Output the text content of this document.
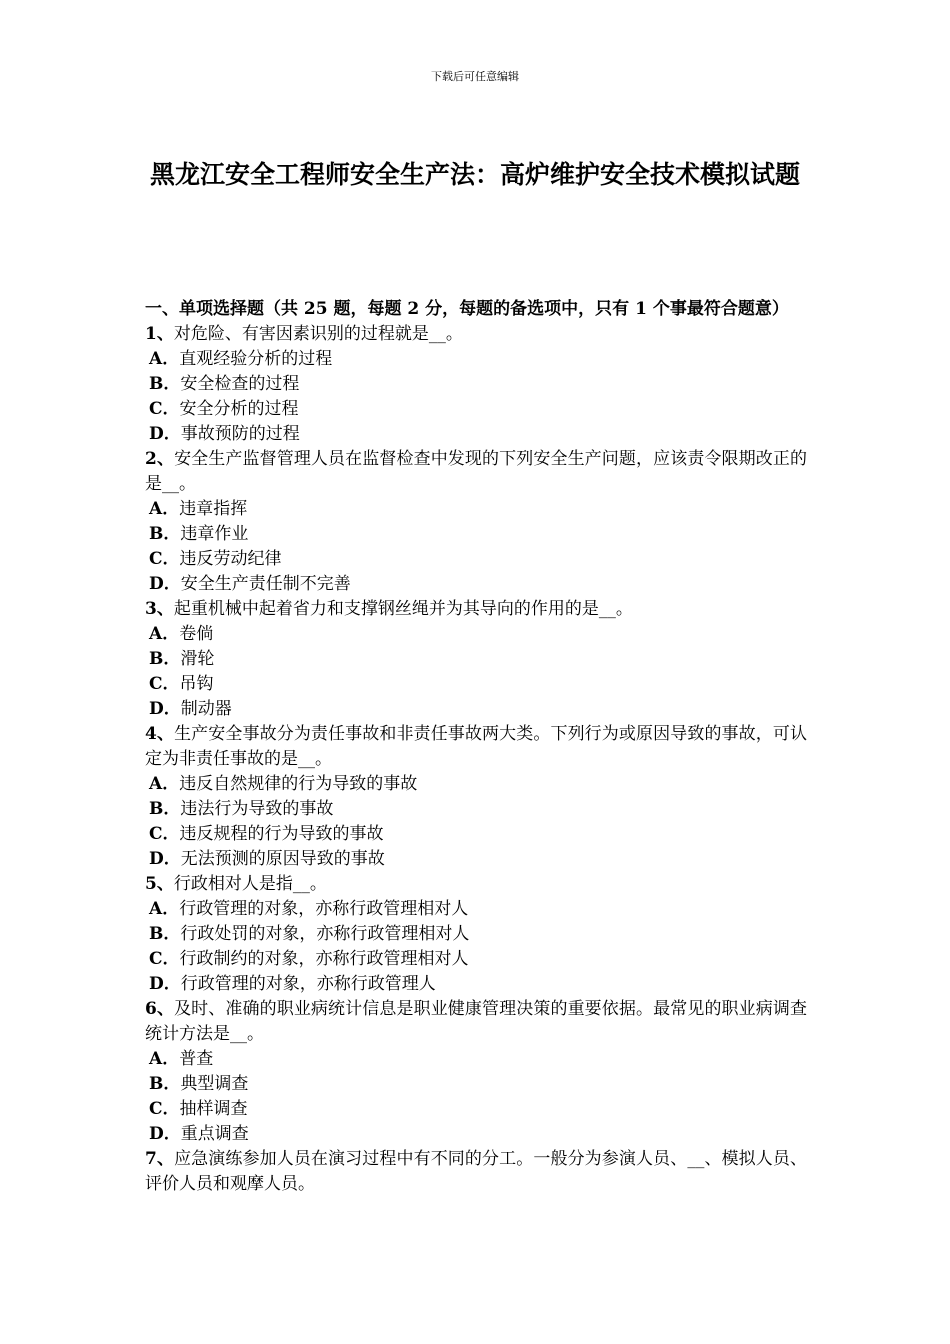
下载后可任意编辑
黑龙江安全工程师安全生产法：高炉维护安全技术模拟试题

一、单项选择题（共 25 题，每题 2 分，每题的备选项中，只有 1 个事最符合题意）

1、对危险、有害因素识别的过程就是__。

A．直观经验分析的过程

B．安全检查的过程

C．安全分析的过程

D．事故预防的过程

2、安全生产监督管理人员在监督检查中发现的下列安全生产问题，应该责令限期改正的是__。

A．违章指挥

B．违章作业

C．违反劳动纪律

D．安全生产责任制不完善

3、起重机械中起着省力和支撑钢丝绳并为其导向的作用的是__。

A．卷倘

B．滑轮

C．吊钩

D．制动器

4、生产安全事故分为责任事故和非责任事故两大类。下列行为或原因导致的事故，可认定为非责任事故的是__。

A．违反自然规律的行为导致的事故

B．违法行为导致的事故

C．违反规程的行为导致的事故

D．无法预测的原因导致的事故

5、行政相对人是指__。

A．行政管理的对象，亦称行政管理相对人

B．行政处罚的对象，亦称行政管理相对人

C．行政制约的对象，亦称行政管理相对人

D．行政管理的对象，亦称行政管理人

6、及时、准确的职业病统计信息是职业健康管理决策的重要依据。最常见的职业病调查统计方法是__。

A．普查

B．典型调查

C．抽样调查

D．重点调查

7、应急演练参加人员在演习过程中有不同的分工。一般分为参演人员、__、模拟人员、评价人员和观摩人员。
